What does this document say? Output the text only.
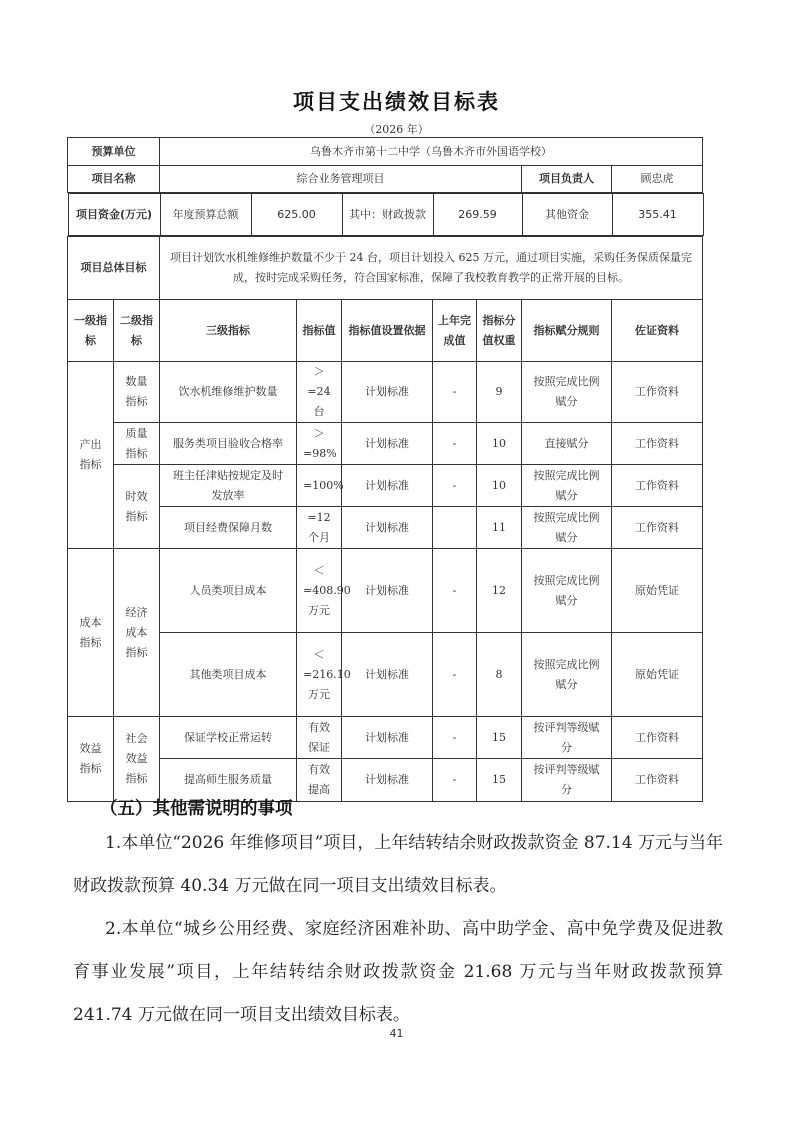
项目支出绩效目标表
（2026 年）
预算单位	乌鲁木齐市第十二中学（乌鲁木齐市外国语学校）
项目名称	综合业务管理项目	项目负责人	顾忠虎

项目资金(万元)	年度预算总额	625.00	其中：财政拨款	269.59	其他资金	355.41

项目总体目标	项目计划饮水机维修维护数量不少于 24 台，项目计划投入 625 万元，通过项目实施，采购任务保质保量完成，按时完成采购任务，符合国家标准，保障了我校教育教学的正常开展的目标。
一级指标	二级指标	三级指标	指标值	指标值设置依据	上年完成值	指标分值权重	指标赋分规则	佐证资料
产出指标	数量指标	饮水机维修维护数量	＞=24台	计划标准	-	9	按照完成比例赋分	工作资料
质量指标	服务类项目验收合格率	＞=98%	计划标准	-	10	直接赋分	工作资料
时效指标	班主任津贴按规定及时发放率	=100%	计划标准	-	10	按照完成比例赋分	工作资料
项目经费保障月数	=12个月	计划标准		11	按照完成比例赋分	工作资料
成本指标	经济成本指标	人员类项目成本	＜=408.90万元	计划标准	-	12	按照完成比例赋分	原始凭证
其他类项目成本	＜=216.10万元	计划标准	-	8	按照完成比例赋分	原始凭证
效益指标	社会效益指标	保证学校正常运转	有效保证	计划标准	-	15	按评判等级赋分	工作资料
提高师生服务质量	有效提高	计划标准	-	15	按评判等级赋分	工作资料
（五）其他需说明的事项
1.本单位“2026 年维修项目”项目，上年结转结余财政拨款资金 87.14 万元与当年财政拨款预算 40.34 万元做在同一项目支出绩效目标表。
2.本单位“城乡公用经费、家庭经济困难补助、高中助学金、高中免学费及促进教育事业发展”项目，上年结转结余财政拨款资金 21.68 万元与当年财政拨款预算 241.74 万元做在同一项目支出绩效目标表。
41
